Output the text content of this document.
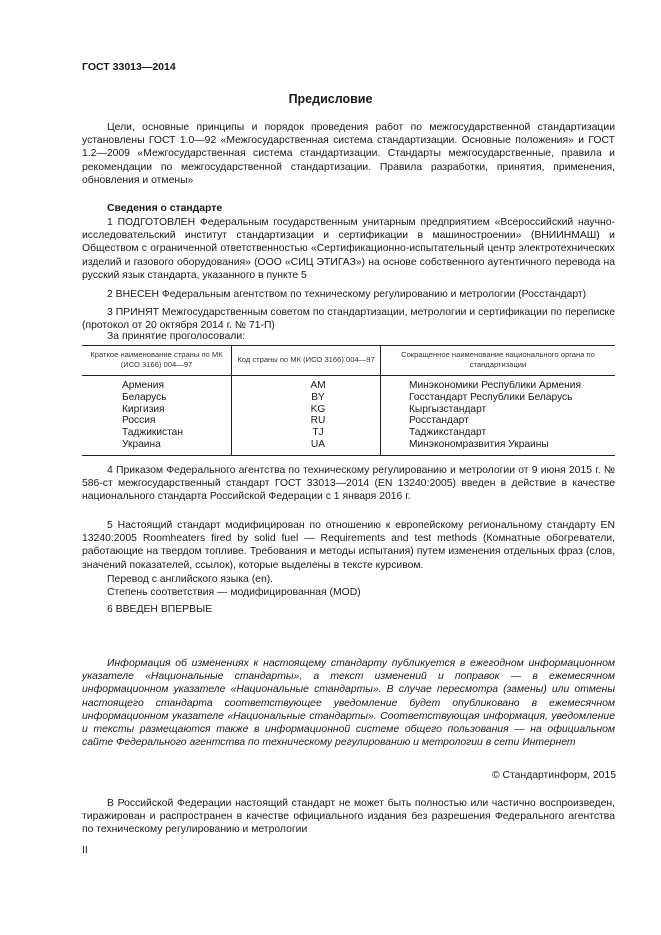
ГОСТ 33013—2014
Предисловие

Цели, основные принципы и порядок проведения работ по межгосударственной стандартизации установлены ГОСТ 1.0—92 «Межгосударственная система стандартизации. Основные положения» и ГОСТ 1.2—2009 «Межгосударственная система стандартизации. Стандарты межгосударственные, правила и рекомендации по межгосударственной стандартизации. Правила разработки, принятия, применения, обновления и отмены»

Сведения о стандарте

1 ПОДГОТОВЛЕН Федеральным государственным унитарным предприятием «Всероссийский научно-исследовательский институт стандартизации и сертификации в машиностроении» (ВНИИНМАШ) и Обществом с ограниченной ответственностью «Сертификационно-испытательный центр электротехнических изделий и газового оборудования» (ООО «СИЦ ЭТИГАЗ») на основе собственного аутентичного перевода на русский язык стандарта, указанного в пункте 5

2 ВНЕСЕН Федеральным агентством по техническому регулированию и метрологии (Росстандарт)

3 ПРИНЯТ Межгосударственным советом по стандартизации, метрологии и сертификации по переписке (протокол от 20 октября 2014 г. № 71-П)

За принятие проголосовали:

Краткое наименование страны по МК (ИСО 3166) 004—97	Код страны по МК (ИСО 3166) 004—97	Сокращенное наименование национального органа по стандартизации
Армения	AM	Минэкономики Республики Армения
Беларусь	BY	Госстандарт Республики Беларусь
Киргизия	KG	Кыргызстандарт
Россия	RU	Росстандарт
Таджикистан	TJ	Таджикстандарт
Украина	UA	Минэкономразвития Украины

4 Приказом Федерального агентства по техническому регулированию и метрологии от 9 июня 2015 г. № 586-ст межгосударственный стандарт ГОСТ 33013—2014 (EN 13240:2005) введен в действие в качестве национального стандарта Российской Федерации с 1 января 2016 г.

5 Настоящий стандарт модифицирован по отношению к европейскому региональному стандарту EN 13240:2005 Roomheaters fired by solid fuel — Requirements and test methods (Комнатные обогреватели, работающие на твердом топливе. Требования и методы испытания) путем изменения отдельных фраз (слов, значений показателей, ссылок), которые выделены в тексте курсивом.

Перевод с английского языка (en).

Степень соответствия — модифицированная (MOD)

6 ВВЕДЕН ВПЕРВЫЕ

Информация об изменениях к настоящему стандарту публикуется в ежегодном информационном указателе «Национальные стандарты», а текст изменений и поправок — в ежемесячном информационном указателе «Национальные стандарты». В случае пересмотра (замены) или отмены настоящего стандарта соответствующее уведомление будет опубликовано в ежемесячном информационном указателе «Национальные стандарты». Соответствующая информация, уведомление и тексты размещаются также в информационной системе общего пользования — на официальном сайте Федерального агентства по техническому регулированию и метрологии в сети Интернет

© Стандартинформ, 2015

В Российской Федерации настоящий стандарт не может быть полностью или частично воспроизведен, тиражирован и распространен в качестве официального издания без разрешения Федерального агентства по техническому регулированию и метрологии

II
